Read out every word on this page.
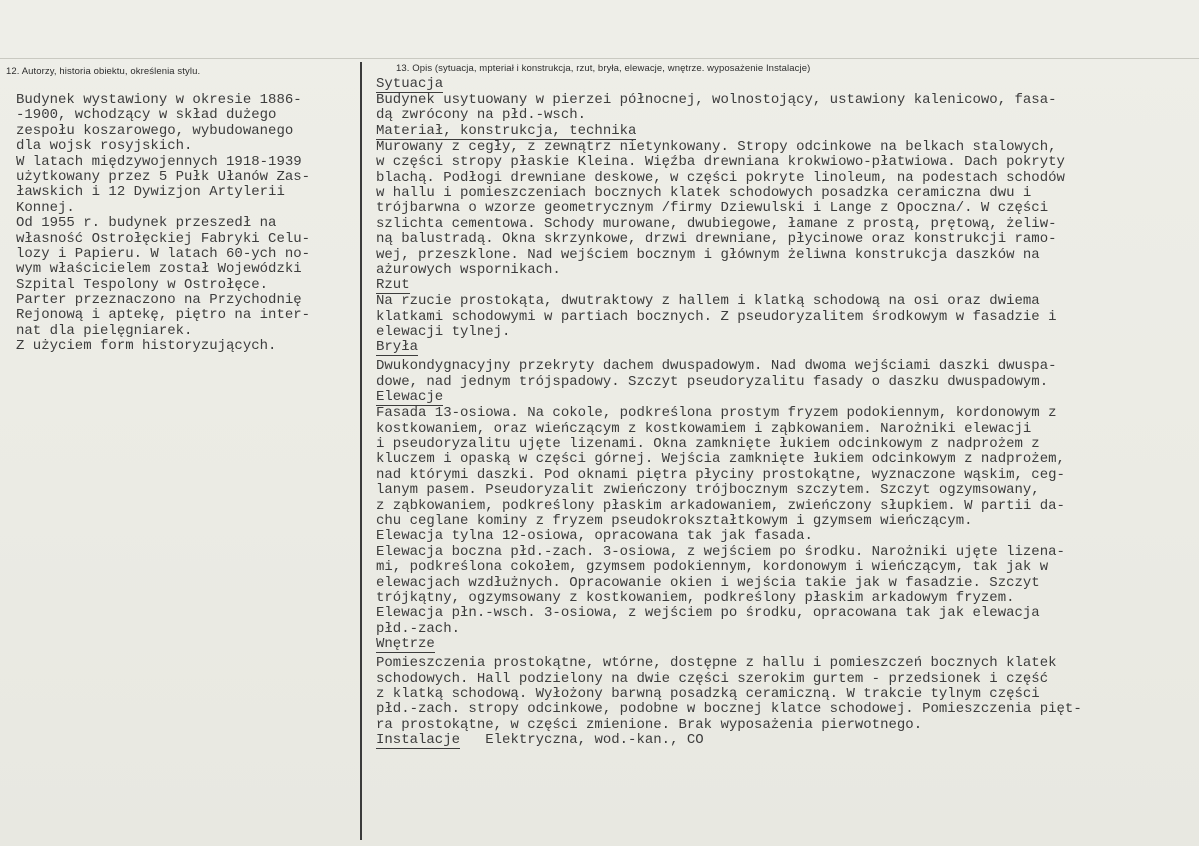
12. Autorzy, historia obiektu, określenia stylu.	13. Opis (sytuacja, mpteriał i konstrukcja, rzut, bryła, elewacje, wnętrze. wyposażenie Instalacje)
Budynek wystawiony w okresie 1886-
-1900, wchodzący w skład dużego
zespołu koszarowego, wybudowanego
dla wojsk rosyjskich.
W latach międzywojennych 1918-1939
użytkowany przez 5 Pułk Ułanów Zas-
ławskich i 12 Dywizjon Artylerii
Konnej.
Od 1955 r. budynek przeszedł na
własność Ostrołęckiej Fabryki Celu-
lozy i Papieru. W latach 60-ych no-
wym właścicielem został Wojewódzki
Szpital Tespolony w Ostrołęce.
Parter przeznaczono na Przychodnię
Rejonową i aptekę, piętro na inter-
nat dla pielęgniarek.
Z użyciem form historyzujących.
Sytuacja
Budynek usytuowany w pierzei północnej, wolnostojący, ustawiony kalenicowo, fasa-
dą zwrócony na płd.-wsch.
Materiał, konstrukcja, technika
Murowany z cegły, z zewnątrz nietynkowany. Stropy odcinkowe na belkach stalowych,
w części stropy płaskie Kleina. Więźba drewniana krokwiowo-płatwiowa. Dach pokryty
blachą. Podłogi drewniane deskowe, w części pokryte linoleum, na podestach schodów
w hallu i pomieszczeniach bocznych klatek schodowych posadzka ceramiczna dwu i
trójbarwna o wzorze geometrycznym /firmy Dziewulski i Lange z Opoczna/. W części
szlichta cementowa. Schody murowane, dwubiegowe, łamane z prostą, prętową, żeliw-
ną balustradą. Okna skrzynkowe, drzwi drewniane, płycinowe oraz konstrukcji ramo-
wej, przeszklone. Nad wejściem bocznym i głównym żeliwna konstrukcja daszków na
ażurowych wspornikach.
Rzut
Na rzucie prostokąta, dwutraktowy z hallem i klatką schodową na osi oraz dwiema
klatkami schodowymi w partiach bocznych. Z pseudoryzalitem środkowym w fasadzie i
elewacji tylnej.
Bryła
Dwukondygnacyjny przekryty dachem dwuspadowym. Nad dwoma wejściami daszki dwuspa-
dowe, nad jednym trójspadowy. Szczyt pseudoryzalitu fasady o daszku dwuspadowym.
Elewacje
Fasada 13-osiowa. Na cokole, podkreślona prostym fryzem podokiennym, kordonowym z
kostkowaniem, oraz wieńczącym z kostkowamiem i ząbkowaniem. Narożniki elewacji
i pseudoryzalitu ujęte lizenami. Okna zamknięte łukiem odcinkowym z nadprożem z
kluczem i opaską w części górnej. Wejścia zamknięte łukiem odcinkowym z nadprożem,
nad którymi daszki. Pod oknami piętra płyciny prostokątne, wyznaczone wąskim, ceg-
lanym pasem. Pseudoryzalit zwieńczony trójbocznym szczytem. Szczyt ogzymsowany,
z ząbkowaniem, podkreślony płaskim arkadowaniem, zwieńczony słupkiem. W partii da-
chu ceglane kominy z fryzem pseudokrokształtkowym i gzymsem wieńczącym.
Elewacja tylna 12-osiowa, opracowana tak jak fasada.
Elewacja boczna płd.-zach. 3-osiowa, z wejściem po środku. Narożniki ujęte lizena-
mi, podkreślona cokołem, gzymsem podokiennym, kordonowym i wieńczącym, tak jak w
elewacjach wzdłużnych. Opracowanie okien i wejścia takie jak w fasadzie. Szczyt
trójkątny, ogzymsowany z kostkowaniem, podkreślony płaskim arkadowym fryzem.
Elewacja płn.-wsch. 3-osiowa, z wejściem po środku, opracowana tak jak elewacja
płd.-zach.
Wnętrze
Pomieszczenia prostokątne, wtórne, dostępne z hallu i pomieszczeń bocznych klatek
schodowych. Hall podzielony na dwie części szerokim gurtem - przedsionek i część
z klatką schodową. Wyłożony barwną posadzką ceramiczną. W trakcie tylnym części
płd.-zach. stropy odcinkowe, podobne w bocznej klatce schodowej. Pomieszczenia pięt-
ra prostokątne, w części zmienione. Brak wyposażenia pierwotnego.
Instalacje Elektryczna, wod.-kan., CO
